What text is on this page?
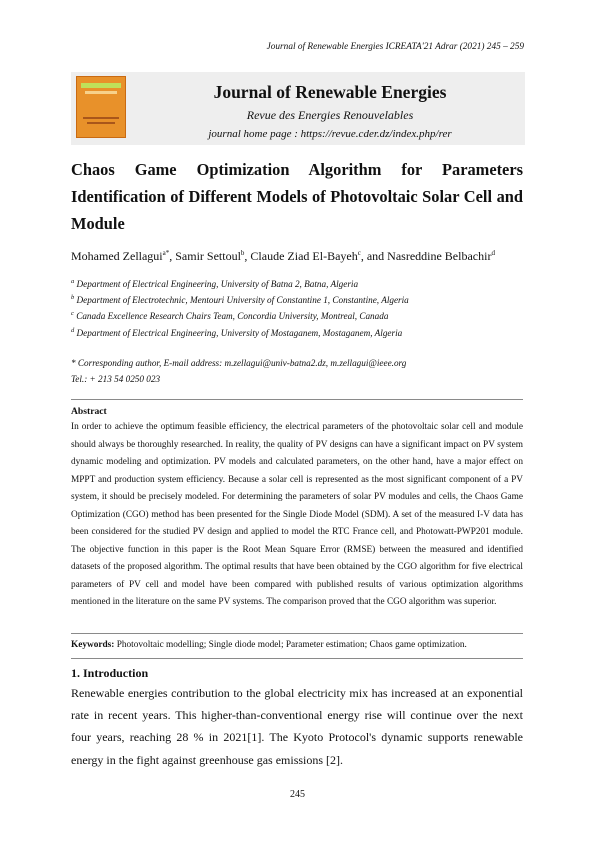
Journal of Renewable Energies ICREATA'21 Adrar (2021) 245 – 259
Journal of Renewable Energies
Revue des Energies Renouvelables
journal home page : https://revue.cder.dz/index.php/rer
Chaos Game Optimization Algorithm for Parameters
Identification of Different Models of Photovoltaic Solar Cell and
Module
Mohamed Zellagui$^{a*}$, Samir Settoul$^b$, Claude Ziad El-Bayeh$^c$, and Nasreddine Belbachir$^d$
$^a$ Department of Electrical Engineering, University of Batna 2, Batna, Algeria
$^b$ Department of Electrotechnic, Mentouri University of Constantine 1, Constantine, Algeria
$^c$ Canada Excellence Research Chairs Team, Concordia University, Montreal, Canada
$^d$ Department of Electrical Engineering, University of Mostaganem, Mostaganem, Algeria
* Corresponding author, E-mail address: m.zellagui@univ-batna2.dz, m.zellagui@ieee.org
Tel.: + 213 54 0250 023
Abstract
In order to achieve the optimum feasible efficiency, the electrical parameters of the photovoltaic solar cell and module should always be thoroughly researched. In reality, the quality of PV designs can have a significant impact on PV system dynamic modeling and optimization. PV models and calculated parameters, on the other hand, have a major effect on MPPT and production system efficiency. Because a solar cell is represented as the most significant component of a PV system, it should be precisely modeled. For determining the parameters of solar PV modules and cells, the Chaos Game Optimization (CGO) method has been presented for the Single Diode Model (SDM). A set of the measured I-V data has been considered for the studied PV design and applied to model the RTC France cell, and Photowatt-PWP201 module. The objective function in this paper is the Root Mean Square Error (RMSE) between the measured and identified datasets of the proposed algorithm. The optimal results that have been obtained by the CGO algorithm for five electrical parameters of PV cell and model have been compared with published results of various optimization algorithms mentioned in the literature on the same PV systems. The comparison proved that the CGO algorithm was superior.
Keywords: Photovoltaic modelling; Single diode model; Parameter estimation; Chaos game optimization.
1. Introduction
Renewable energies contribution to the global electricity mix has increased at an exponential rate in recent years. This higher-than-conventional energy rise will continue over the next four years, reaching 28 % in 2021[1]. The Kyoto Protocol's dynamic supports renewable energy in the fight against greenhouse gas emissions [2].
245
